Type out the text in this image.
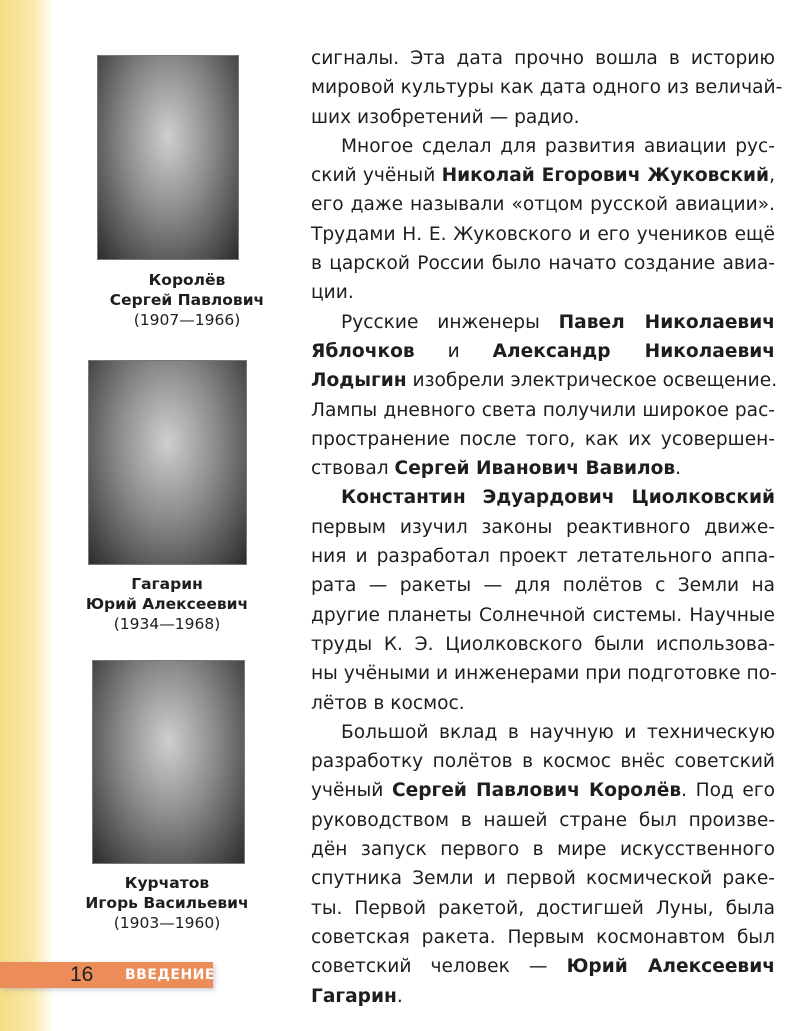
Королёв
Сергей Павлович
(1907—1966)
Гагарин
Юрий Алексеевич
(1934—1968)
Курчатов
Игорь Васильевич
(1903—1960)
сигналы. Эта дата прочно вошла в историю
мировой культуры как дата одного из величай-
ших изобретений — радио.
Многое сделал для развития авиации рус-
ский учёный Николай Егорович Жуковский,
его даже называли «отцом русской авиации».
Трудами Н. Е. Жуковского и его учеников ещё
в царской России было начато создание авиа-
ции.
Русские  инженеры  Павел  Николаевич
Яблочков  и  Александр  Николаевич
Лодыгин изобрели электрическое освещение.
Лампы дневного света получили широкое рас-
пространение после того, как их усовершен-
ствовал Сергей Иванович Вавилов.
Константин  Эдуардович  Циолковский
первым изучил законы реактивного движе-
ния и разработал проект летательного аппа-
рата — ракеты — для полётов с Земли на
другие планеты Солнечной системы. Научные
труды К. Э. Циолковского были использова-
ны учёными и инженерами при подготовке по-
лётов в космос.
Большой вклад в научную и техническую
разработку полётов в космос внёс советский
учёный Сергей Павлович Королёв. Под его
руководством в нашей стране был произве-
дён запуск первого в мире искусственного
спутника Земли и первой космической раке-
ты. Первой ракетой, достигшей Луны, была
советская ракета. Первым космонавтом был
советский  человек  —  Юрий  Алексеевич
Гагарин.
16 ВВЕДЕНИЕ
